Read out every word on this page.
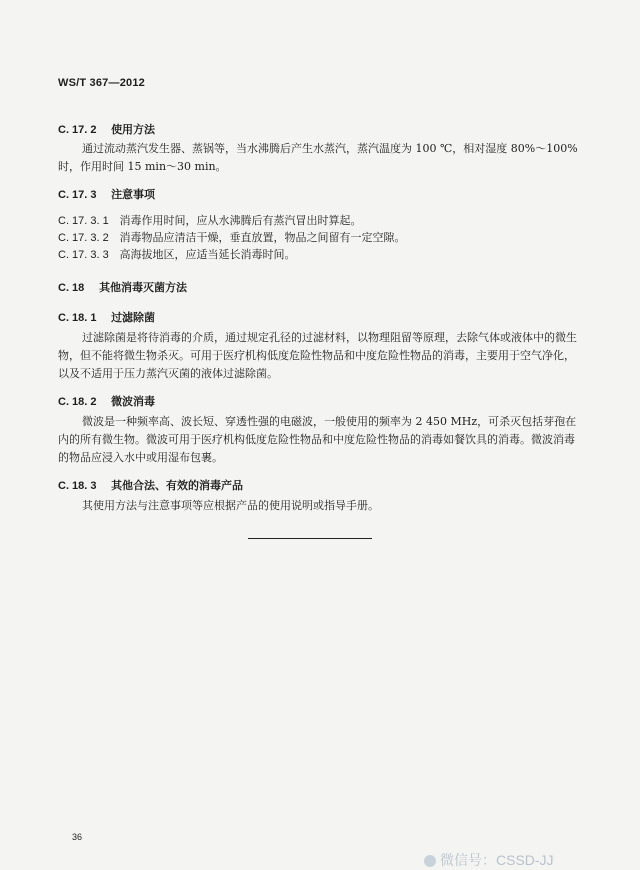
WS/T 367—2012
C. 17. 2 使用方法
通过流动蒸汽发生器、蒸锅等，当水沸腾后产生水蒸汽，蒸汽温度为 100 ℃，相对湿度 80%～100%时，作用时间 15 min～30 min。
C. 17. 3 注意事项
C. 17. 3. 1 消毒作用时间，应从水沸腾后有蒸汽冒出时算起。
C. 17. 3. 2 消毒物品应清洁干燥，垂直放置，物品之间留有一定空隙。
C. 17. 3. 3 高海拔地区，应适当延长消毒时间。
C. 18 其他消毒灭菌方法
C. 18. 1 过滤除菌
过滤除菌是将待消毒的介质，通过规定孔径的过滤材料，以物理阻留等原理，去除气体或液体中的微生物，但不能将微生物杀灭。可用于医疗机构低度危险性物品和中度危险性物品的消毒，主要用于空气净化，以及不适用于压力蒸汽灭菌的液体过滤除菌。
C. 18. 2 微波消毒
微波是一种频率高、波长短、穿透性强的电磁波，一般使用的频率为 2 450 MHz，可杀灭包括芽孢在内的所有微生物。微波可用于医疗机构低度危险性物品和中度危险性物品的消毒如餐饮具的消毒。微波消毒的物品应浸入水中或用湿布包裹。
C. 18. 3 其他合法、有效的消毒产品
其使用方法与注意事项等应根据产品的使用说明或指导手册。
36
微信号：CSSD-JJ
